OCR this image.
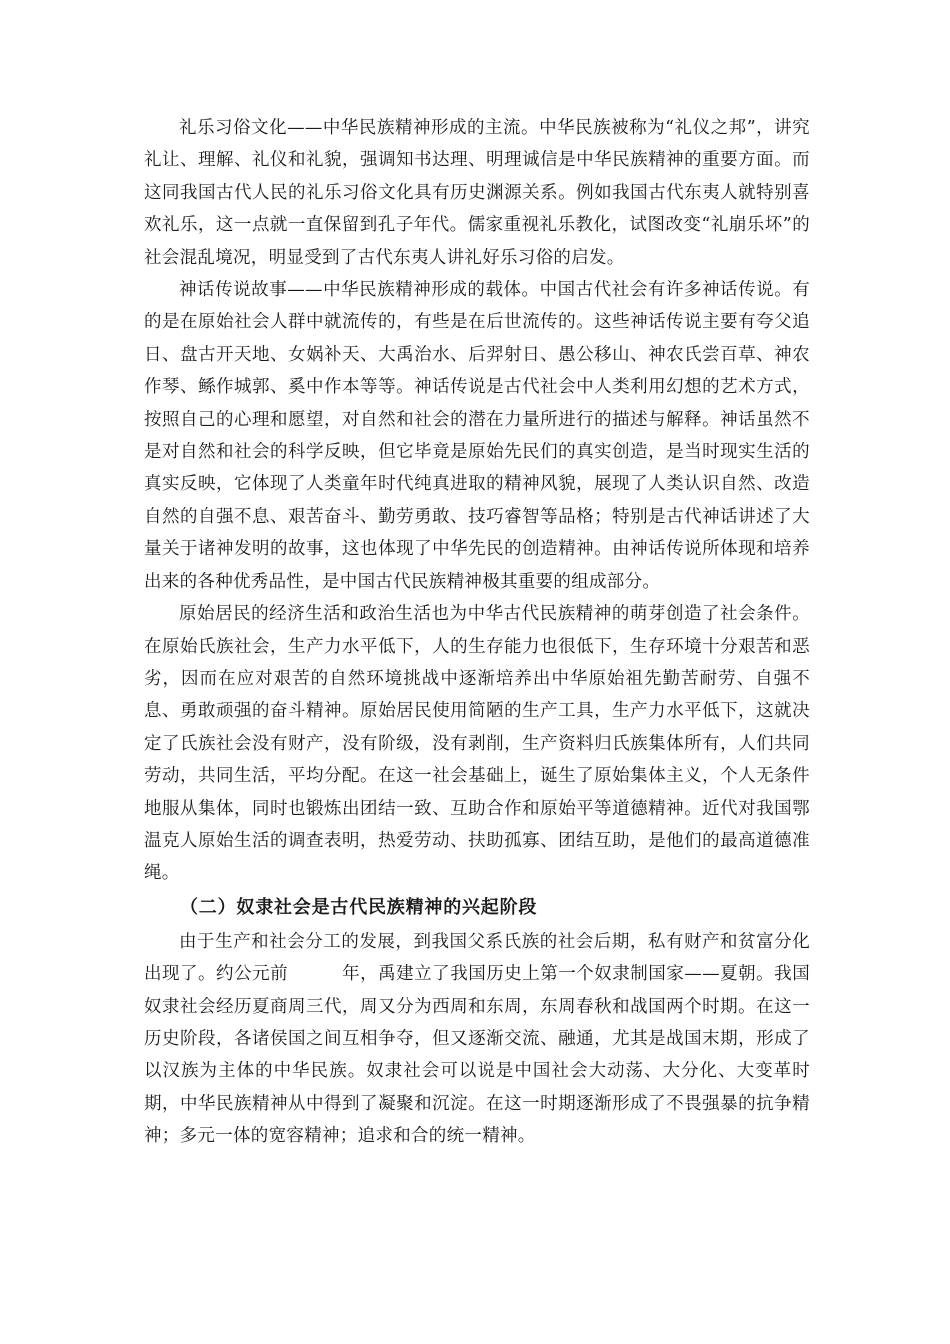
礼乐习俗文化——中华民族精神形成的主流。中华民族被称为“礼仪之邦”，讲究礼让、理解、礼仪和礼貌，强调知书达理、明理诚信是中华民族精神的重要方面。而这同我国古代人民的礼乐习俗文化具有历史渊源关系。例如我国古代东夷人就特别喜欢礼乐，这一点就一直保留到孔子年代。儒家重视礼乐教化，试图改变“礼崩乐坏”的社会混乱境况，明显受到了古代东夷人讲礼好乐习俗的启发。

神话传说故事——中华民族精神形成的载体。中国古代社会有许多神话传说。有的是在原始社会人群中就流传的，有些是在后世流传的。这些神话传说主要有夸父追日、盘古开天地、女娲补天、大禹治水、后羿射日、愚公移山、神农氏尝百草、神农作琴、鲧作城郭、奚中作本等等。神话传说是古代社会中人类利用幻想的艺术方式，按照自己的心理和愿望，对自然和社会的潜在力量所进行的描述与解释。神话虽然不是对自然和社会的科学反映，但它毕竟是原始先民们的真实创造，是当时现实生活的真实反映，它体现了人类童年时代纯真进取的精神风貌，展现了人类认识自然、改造自然的自强不息、艰苦奋斗、勤劳勇敢、技巧睿智等品格；特别是古代神话讲述了大量关于诸神发明的故事，这也体现了中华先民的创造精神。由神话传说所体现和培养出来的各种优秀品性，是中国古代民族精神极其重要的组成部分。

原始居民的经济生活和政治生活也为中华古代民族精神的萌芽创造了社会条件。在原始氏族社会，生产力水平低下，人的生存能力也很低下，生存环境十分艰苦和恶劣，因而在应对艰苦的自然环境挑战中逐渐培养出中华原始祖先勤苦耐劳、自强不息、勇敢顽强的奋斗精神。原始居民使用简陋的生产工具，生产力水平低下，这就决定了氏族社会没有财产，没有阶级，没有剥削，生产资料归氏族集体所有，人们共同劳动，共同生活，平均分配。在这一社会基础上，诞生了原始集体主义，个人无条件地服从集体，同时也锻炼出团结一致、互助合作和原始平等道德精神。近代对我国鄂温克人原始生活的调查表明，热爱劳动、扶助孤寡、团结互助，是他们的最高道德准绳。

（二）奴隶社会是古代民族精神的兴起阶段

由于生产和社会分工的发展，到我国父系氏族的社会后期，私有财产和贫富分化出现了。约公元前　　　年，禹建立了我国历史上第一个奴隶制国家——夏朝。我国奴隶社会经历夏商周三代，周又分为西周和东周，东周春秋和战国两个时期。在这一历史阶段，各诸侯国之间互相争夺，但又逐渐交流、融通，尤其是战国末期，形成了以汉族为主体的中华民族。奴隶社会可以说是中国社会大动荡、大分化、大变革时期，中华民族精神从中得到了凝聚和沉淀。在这一时期逐渐形成了不畏强暴的抗争精神；多元一体的宽容精神；追求和合的统一精神。
